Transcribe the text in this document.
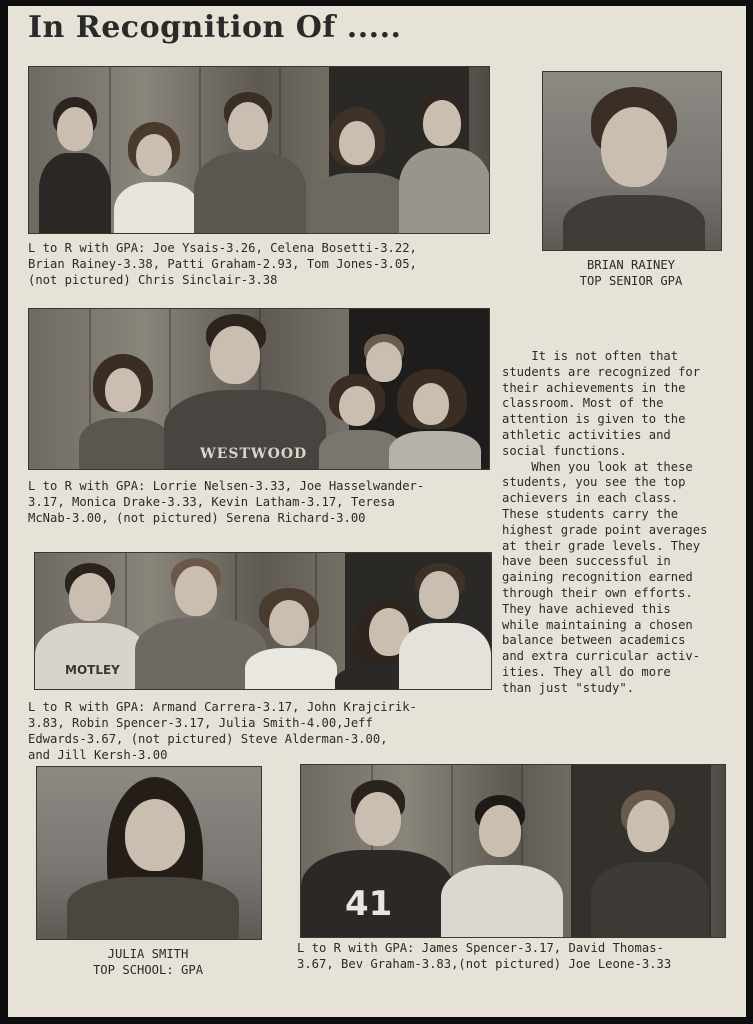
In Recognition Of .....
L to R with GPA: Joe Ysais-3.26, Celena Bosetti-3.22,
Brian Rainey-3.38, Patti Graham-2.93, Tom Jones-3.05,
(not pictured) Chris Sinclair-3.38
BRIAN RAINEY
TOP SENIOR GPA
L to R with GPA: Lorrie Nelsen-3.33, Joe Hasselwander-
3.17, Monica Drake-3.33, Kevin Latham-3.17, Teresa
McNab-3.00, (not pictured) Serena Richard-3.00

It is not often that

students are recognized for

their achievements in the

classroom. Most of the

attention is given to the

athletic activities and

social functions.

When you look at these

students, you see the top

achievers in each class.

These students carry the

highest grade point averages

at their grade levels. They

have been successful in

gaining recognition earned

through their own efforts.

They have achieved this

while maintaining a chosen

balance between academics

and extra curricular activ-

ities. They all do more

than just "study".

MOTLEY
L to R with GPA: Armand Carrera-3.17, John Krajcirik-
3.83, Robin Spencer-3.17, Julia Smith-4.00,Jeff
Edwards-3.67, (not pictured) Steve Alderman-3.00,
and Jill Kersh-3.00
JULIA SMITH
TOP SCHOOL: GPA
41
L to R with GPA: James Spencer-3.17, David Thomas-
3.67, Bev Graham-3.83,(not pictured) Joe Leone-3.33
WESTWOOD
